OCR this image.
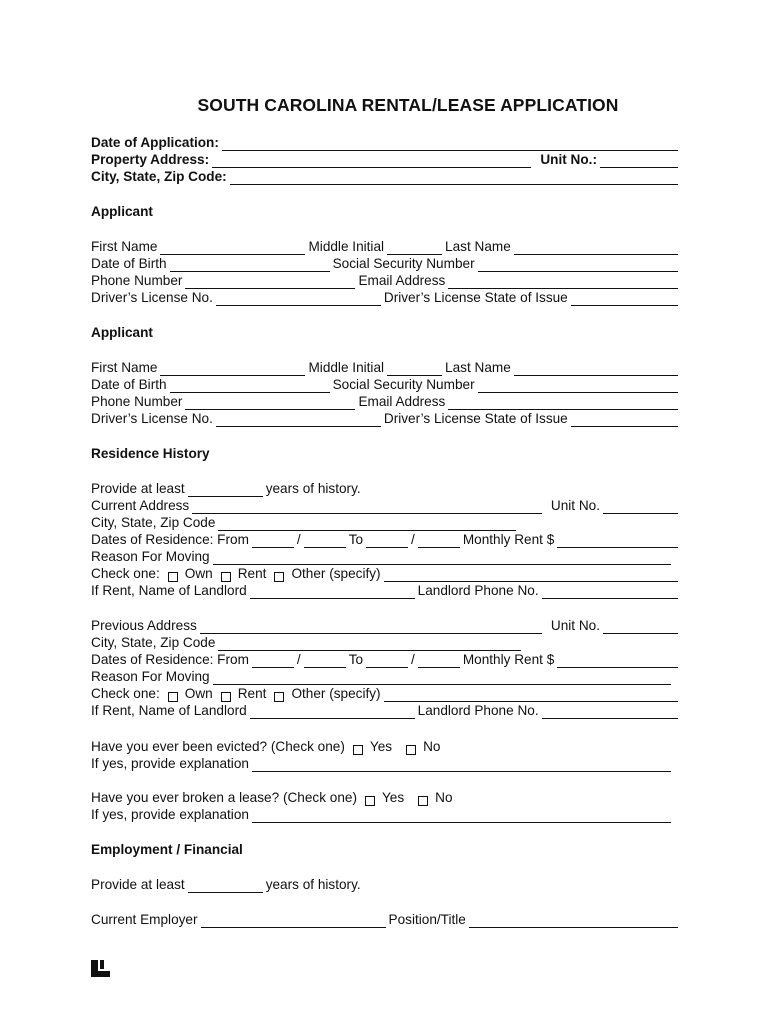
SOUTH CAROLINA RENTAL/LEASE APPLICATION
Date of Application:
Property Address:	Unit No.:
City, State, Zip Code:
Applicant
First Name	Middle Initial	Last Name
Date of Birth	Social Security Number
Phone Number	Email Address
Driver’s License No.	Driver’s License State of Issue
Applicant
First Name	Middle Initial	Last Name
Date of Birth	Social Security Number
Phone Number	Email Address
Driver’s License No.	Driver’s License State of Issue
Residence History
Provide at least	years of history.
Current Address	Unit No.
City, State, Zip Code
Dates of Residence: From	/	To	/	Monthly Rent $
Reason For Moving
Check one: Own Rent Other (specify)
If Rent, Name of Landlord	Landlord Phone No.
Previous Address	Unit No.
City, State, Zip Code
Dates of Residence: From	/	To	/	Monthly Rent $
Reason For Moving
Check one: Own Rent Other (specify)
If Rent, Name of Landlord	Landlord Phone No.
Have you ever been evicted? (Check one) Yes No
If yes, provide explanation
Have you ever broken a lease? (Check one) Yes No
If yes, provide explanation
Employment / Financial
Provide at least	years of history.
Current Employer	Position/Title
